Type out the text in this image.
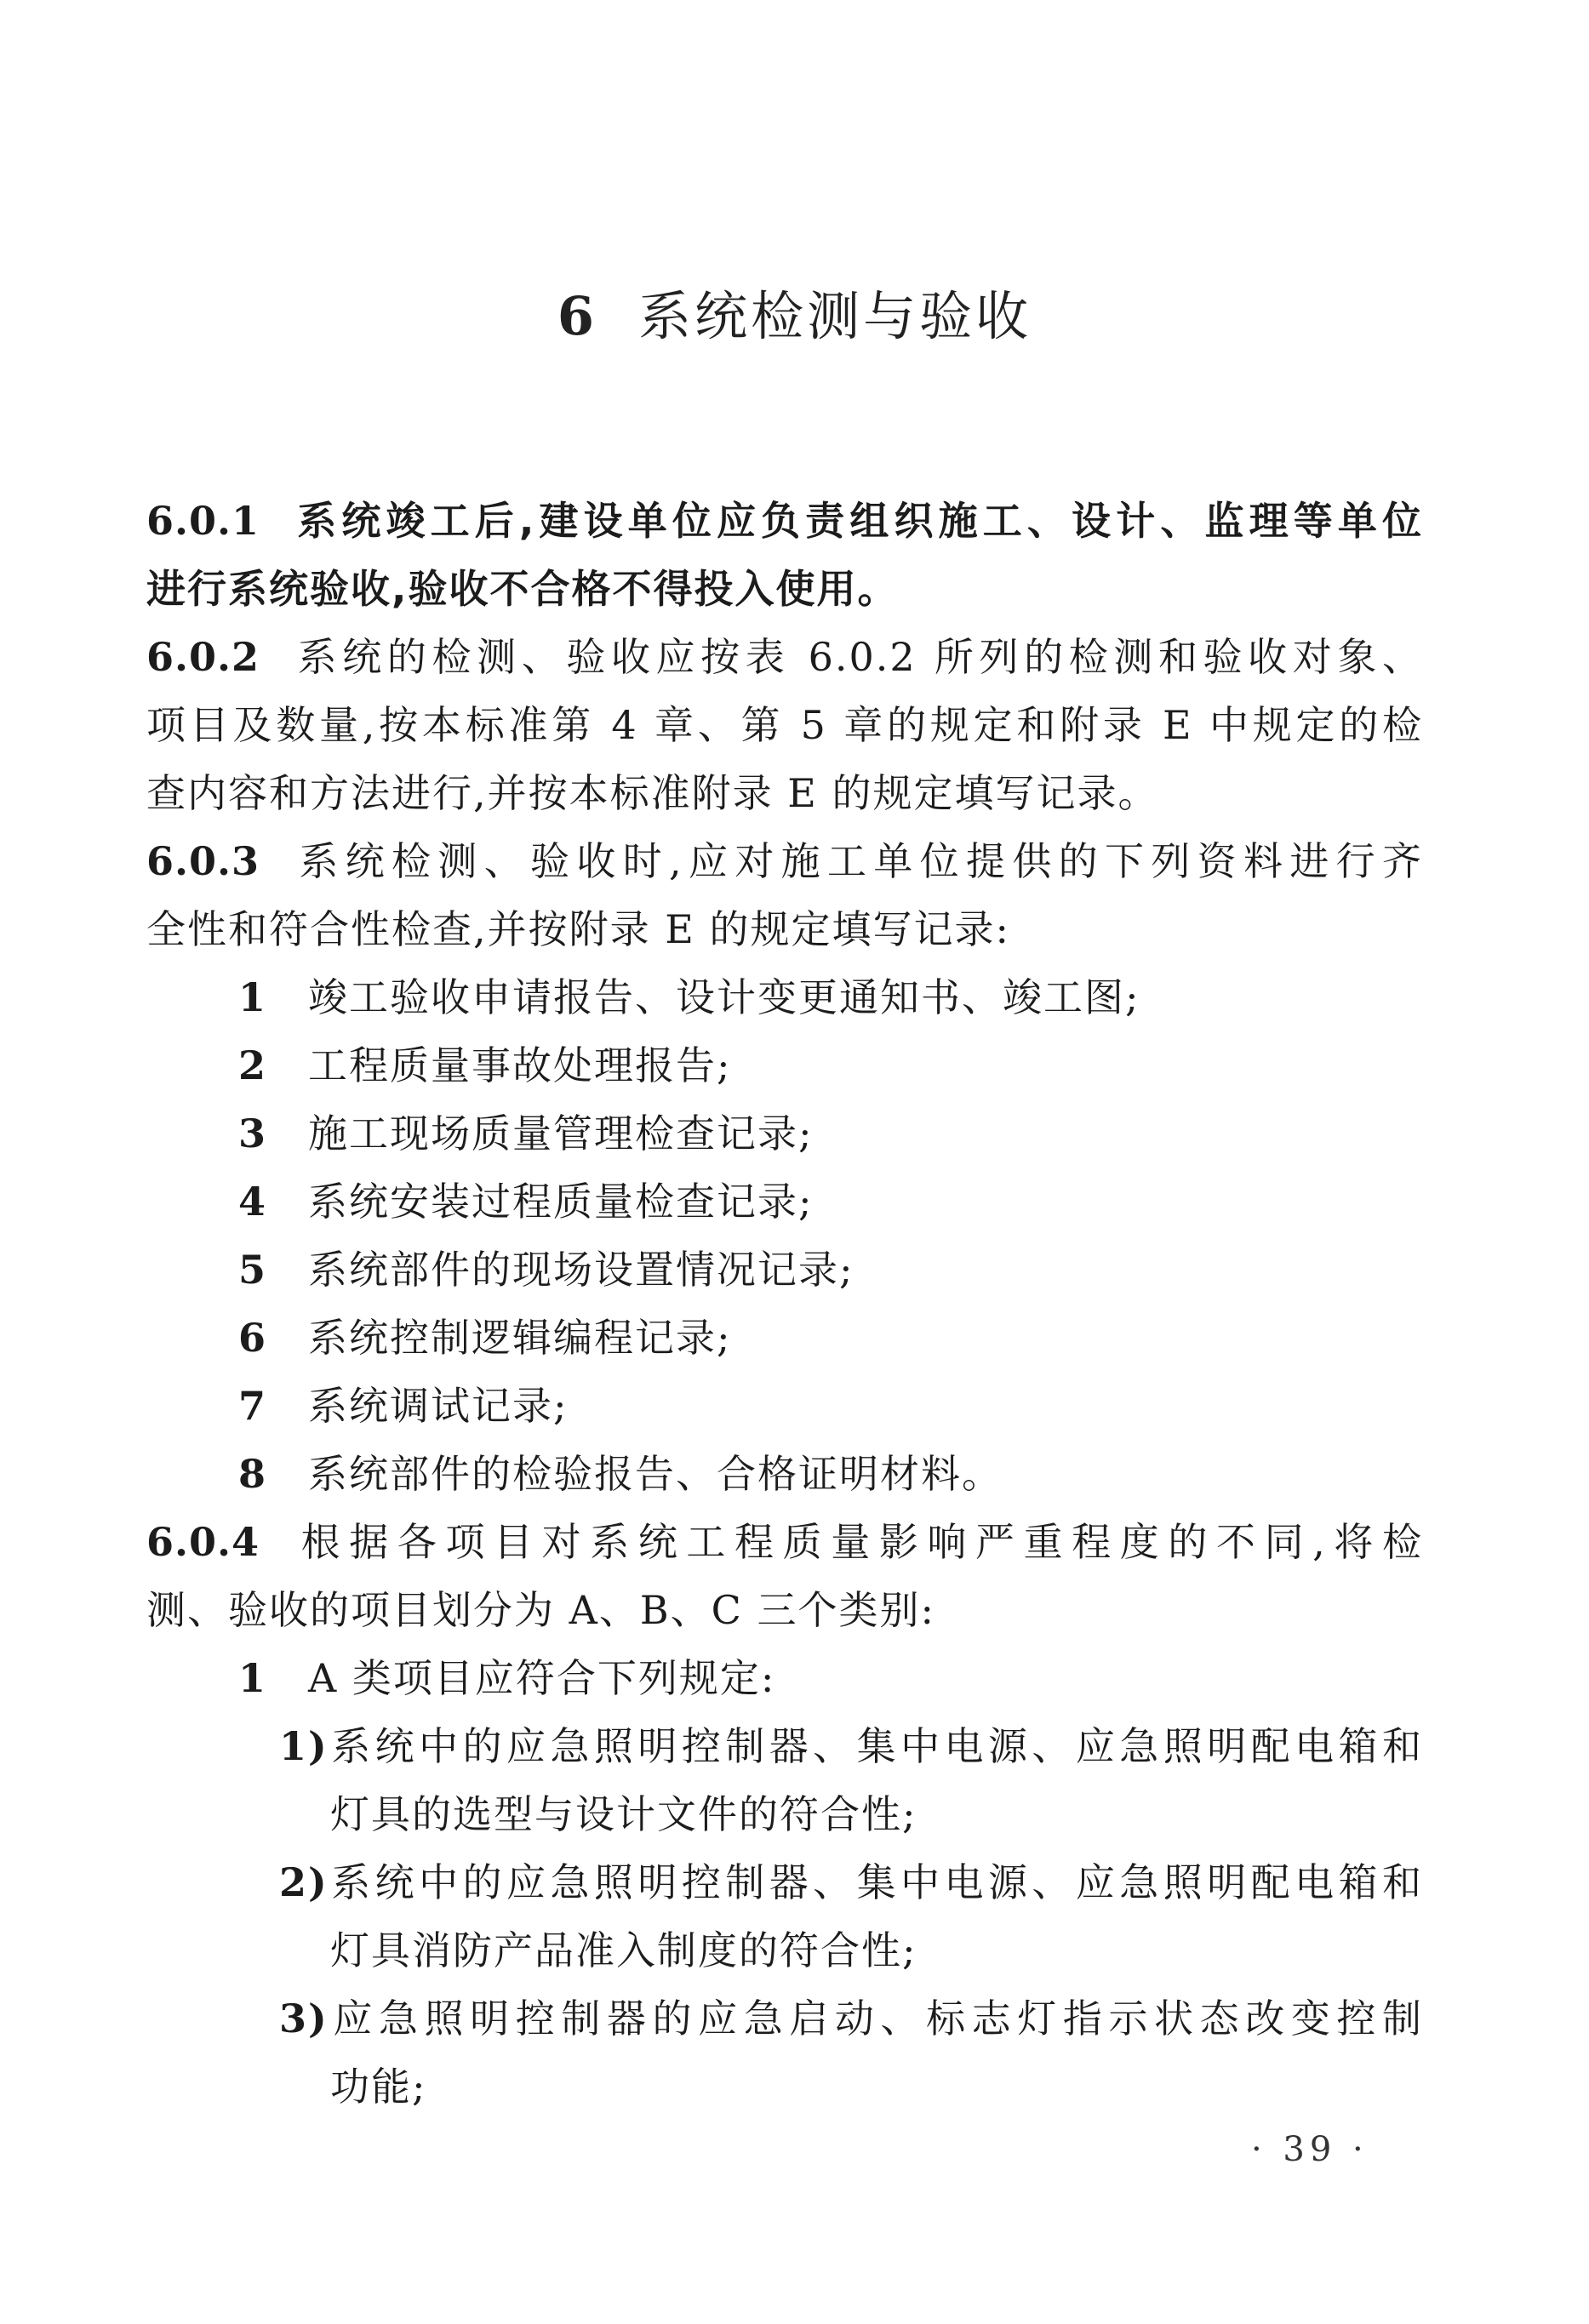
6 系统检测与验收
6.0.1 系统竣工后,建设单位应负责组织施工、设计、监理等单位
进行系统验收,验收不合格不得投入使用。
6.0.2 系统的检测、验收应按表 6.0.2 所列的检测和验收对象、
项目及数量,按本标准第 4 章、第 5 章的规定和附录 E 中规定的检
查内容和方法进行,并按本标准附录 E 的规定填写记录。
6.0.3 系统检测、验收时,应对施工单位提供的下列资料进行齐
全性和符合性检查,并按附录 E 的规定填写记录:
1 竣工验收申请报告、设计变更通知书、竣工图;
2 工程质量事故处理报告;
3 施工现场质量管理检查记录;
4 系统安装过程质量检查记录;
5 系统部件的现场设置情况记录;
6 系统控制逻辑编程记录;
7 系统调试记录;
8 系统部件的检验报告、合格证明材料。
6.0.4 根据各项目对系统工程质量影响严重程度的不同,将检
测、验收的项目划分为 A、B、C 三个类别:
1 A 类项目应符合下列规定:
1)系统中的应急照明控制器、集中电源、应急照明配电箱和
灯具的选型与设计文件的符合性;
2)系统中的应急照明控制器、集中电源、应急照明配电箱和
灯具消防产品准入制度的符合性;
3)应急照明控制器的应急启动、标志灯指示状态改变控制
功能;
· 39 ·
